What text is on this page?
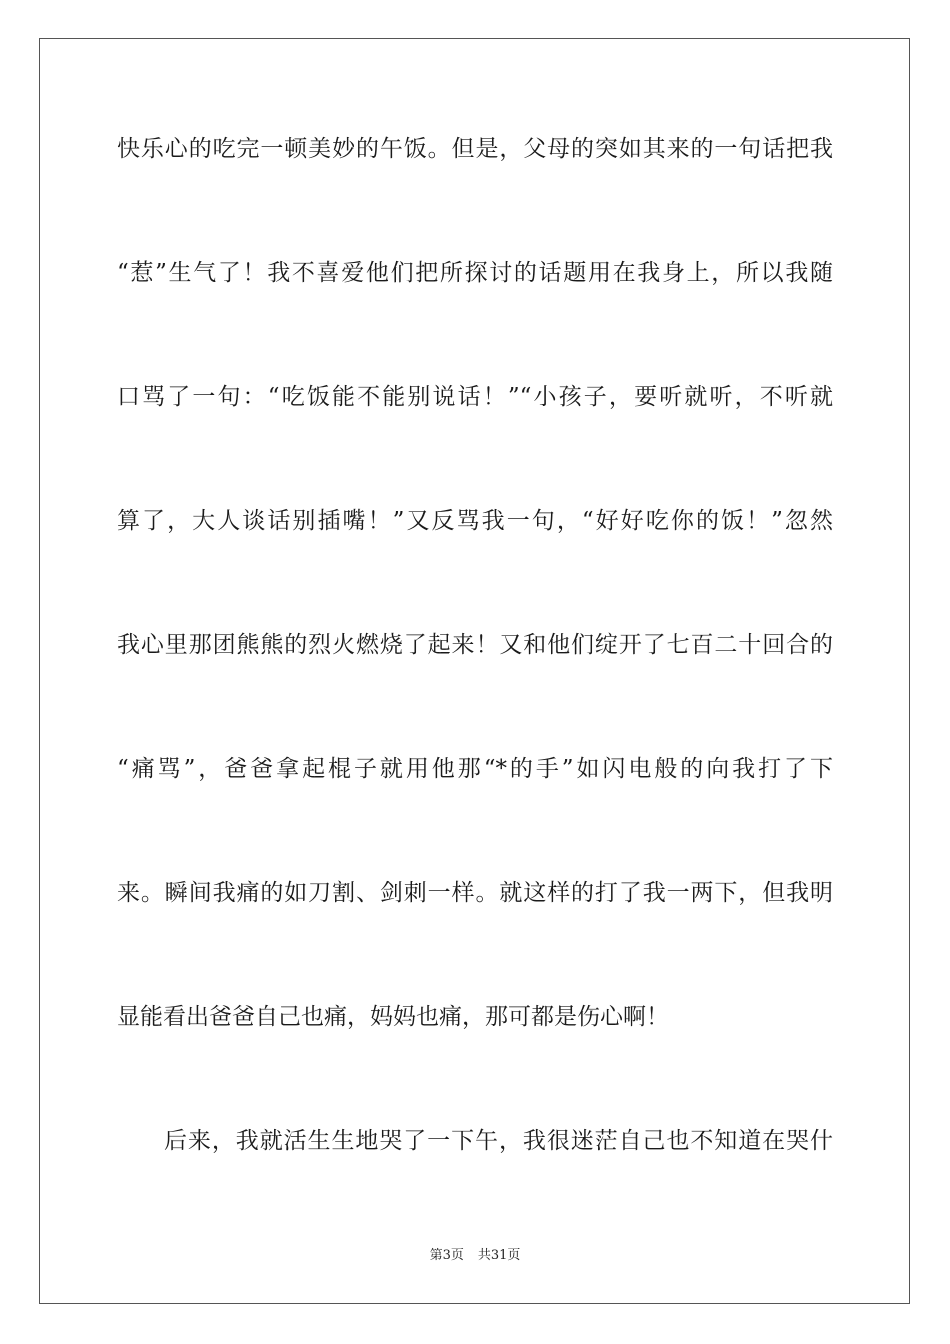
快乐心的吃完一顿美妙的午饭。但是，父母的突如其来的一句话把我
“惹”生气了！我不喜爱他们把所探讨的话题用在我身上，所以我随
口骂了一句：“吃饭能不能别说话！”“小孩子，要听就听，不听就
算了，大人谈话别插嘴！”又反骂我一句，“好好吃你的饭！”忽然
我心里那团熊熊的烈火燃烧了起来！又和他们绽开了七百二十回合的
“痛骂”，爸爸拿起棍子就用他那“*的手”如闪电般的向我打了下
来。瞬间我痛的如刀割、剑刺一样。就这样的打了我一两下，但我明
显能看出爸爸自己也痛，妈妈也痛，那可都是伤心啊！
后来，我就活生生地哭了一下午，我很迷茫自己也不知道在哭什
第3页 共31页
